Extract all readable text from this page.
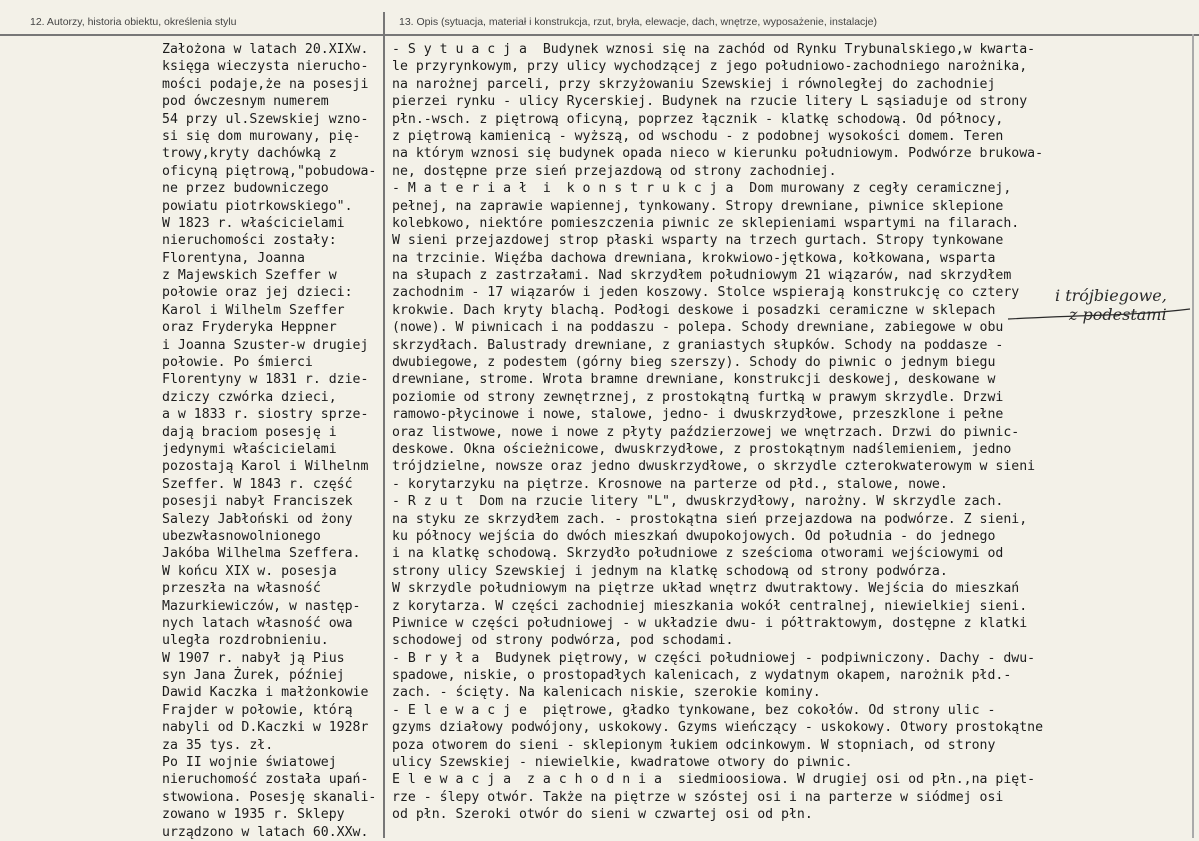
12. Autorzy, historia obiektu, określenia stylu	13. Opis (sytuacja, materiał i konstrukcja, rzut, bryła, elewacje, dach, wnętrze, wyposażenie, instalacje)
Założona w latach 20.XIXw.
księga wieczysta nierucho-
mości podaje,że na posesji
pod ówczesnym numerem
54 przy ul.Szewskiej wzno-
si się dom murowany, pię-
trowy,kryty dachówką z
oficyną piętrową,"pobudowa-
ne przez budowniczego
powiatu piotrkowskiego".
W 1823 r. właścicielami
nieruchomości zostały:
Florentyna, Joanna
z Majewskich Szeffer w
połowie oraz jej dzieci:
Karol i Wilhelm Szeffer
oraz Fryderyka Heppner
i Joanna Szuster-w drugiej
połowie. Po śmierci
Florentyny w 1831 r. dzie-
dziczy czwórka dzieci,
a w 1833 r. siostry sprze-
dają braciom posesję i
jedynymi właścicielami
pozostają Karol i Wilhelnm
Szeffer. W 1843 r. część
posesji nabył Franciszek
Salezy Jabłoński od żony
ubezwłasnowolnionego
Jakóba Wilhelma Szeffera.
W końcu XIX w. posesja
przeszła na własność
Mazurkiewiczów, w następ-
nych latach własność owa
uległa rozdrobnieniu.
W 1907 r. nabył ją Pius
syn Jana Żurek, później
Dawid Kaczka i małżonkowie
Frajder w połowie, którą
nabyli od D.Kaczki w 1928r
za 35 tys. zł.
Po II wojnie światowej
nieruchomość została upań-
stwowiona. Posesję skanali-
zowano w 1935 r. Sklepy
urządzono w latach 60.XXw.
- S y t u a c j a  Budynek wznosi się na zachód od Rynku Trybunalskiego,w kwarta-
le przyrynkowym, przy ulicy wychodzącej z jego południowo-zachodniego narożnika,
na narożnej parceli, przy skrzyżowaniu Szewskiej i równoległej do zachodniej
pierzei rynku - ulicy Rycerskiej. Budynek na rzucie litery L sąsiaduje od strony
płn.-wsch. z piętrową oficyną, poprzez łącznik - klatkę schodową. Od północy,
z piętrową kamienicą - wyższą, od wschodu - z podobnej wysokości domem. Teren
na którym wznosi się budynek opada nieco w kierunku południowym. Podwórze brukowa-
ne, dostępne prze sień przejazdową od strony zachodniej.
- M a t e r i a ł  i  k o n s t r u k c j a  Dom murowany z cegły ceramicznej,
pełnej, na zaprawie wapiennej, tynkowany. Stropy drewniane, piwnice sklepione
kolebkowo, niektóre pomieszczenia piwnic ze sklepieniami wspartymi na filarach.
W sieni przejazdowej strop płaski wsparty na trzech gurtach. Stropy tynkowane
na trzcinie. Więźba dachowa drewniana, krokwiowo-jętkowa, kołkowana, wsparta
na słupach z zastrzałami. Nad skrzydłem południowym 21 wiązarów, nad skrzydłem
zachodnim - 17 wiązarów i jeden koszowy. Stolce wspierają konstrukcję co cztery
krokwie. Dach kryty blachą. Podłogi deskowe i posadzki ceramiczne w sklepach
(nowe). W piwnicach i na poddaszu - polepa. Schody drewniane, zabiegowe w obu
skrzydłach. Balustrady drewniane, z graniastych słupków. Schody na poddasze -
dwubiegowe, z podestem (górny bieg szerszy). Schody do piwnic o jednym biegu
drewniane, strome. Wrota bramne drewniane, konstrukcji deskowej, deskowane w
poziomie od strony zewnętrznej, z prostokątną furtką w prawym skrzydle. Drzwi
ramowo-płycinowe i nowe, stalowe, jedno- i dwuskrzydłowe, przeszklone i pełne
oraz listwowe, nowe i nowe z płyty paździerzowej we wnętrzach. Drzwi do piwnic-
deskowe. Okna ościeżnicowe, dwuskrzydłowe, z prostokątnym nadślemieniem, jedno
trójdzielne, nowsze oraz jedno dwuskrzydłowe, o skrzydle czterokwaterowym w sieni
- korytarzyku na piętrze. Krosnowe na parterze od płd., stalowe, nowe.
- R z u t  Dom na rzucie litery "L", dwuskrzydłowy, narożny. W skrzydle zach.
na styku ze skrzydłem zach. - prostokątna sień przejazdowa na podwórze. Z sieni,
ku północy wejścia do dwóch mieszkań dwupokojowych. Od południa - do jednego
i na klatkę schodową. Skrzydło południowe z sześcioma otworami wejściowymi od
strony ulicy Szewskiej i jednym na klatkę schodową od strony podwórza.
W skrzydle południowym na piętrze układ wnętrz dwutraktowy. Wejścia do mieszkań
z korytarza. W części zachodniej mieszkania wokół centralnej, niewielkiej sieni.
Piwnice w części południowej - w układzie dwu- i półtraktowym, dostępne z klatki
schodowej od strony podwórza, pod schodami.
- B r y ł a  Budynek piętrowy, w części południowej - podpiwniczony. Dachy - dwu-
spadowe, niskie, o prostopadłych kalenicach, z wydatnym okapem, narożnik płd.-
zach. - ścięty. Na kalenicach niskie, szerokie kominy.
- E l e w a c j e  piętrowe, gładko tynkowane, bez cokołów. Od strony ulic -
gzyms działowy podwójony, uskokowy. Gzyms wieńczący - uskokowy. Otwory prostokątne
poza otworem do sieni - sklepionym łukiem odcinkowym. W stopniach, od strony
ulicy Szewskiej - niewielkie, kwadratowe otwory do piwnic.
E l e w a c j a  z a c h o d n i a  siedmioosiowa. W drugiej osi od płn.,na pięt-
rze - ślepy otwór. Także na piętrze w szóstej osi i na parterze w siódmej osi
od płn. Szeroki otwór do sieni w czwartej osi od płn.
i trójbiegowe,
z podestami
